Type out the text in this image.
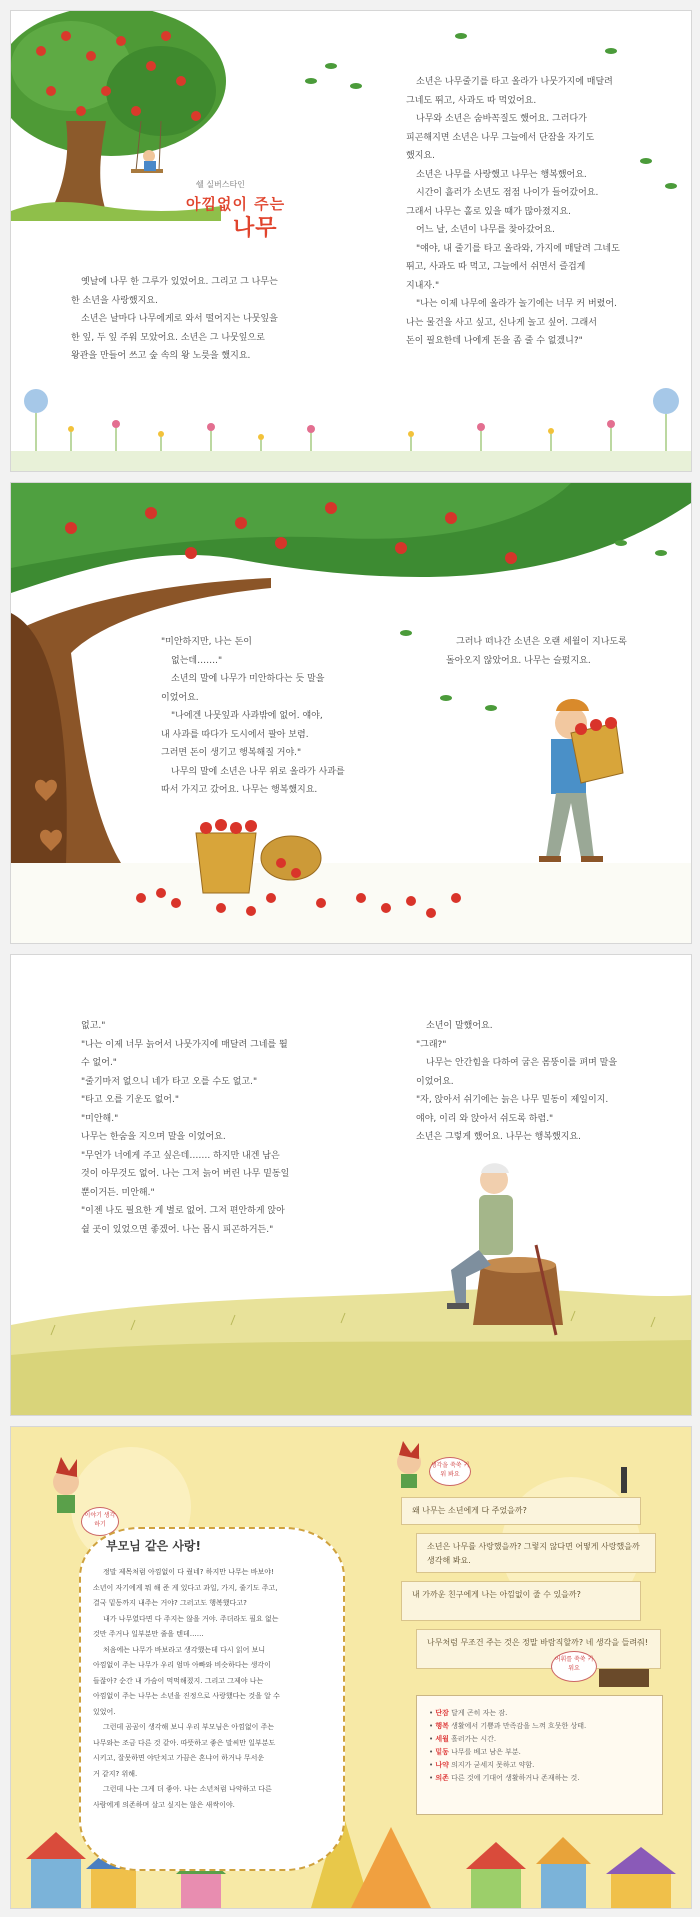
쉘 실버스타인
아낌없이 주는
나무

옛날에 나무 한 그루가 있었어요. 그리고 그 나무는

한 소년을 사랑했지요.

소년은 날마다 나무에게로 와서 떨어지는 나뭇잎을

한 잎, 두 잎 주워 모았어요. 소년은 그 나뭇잎으로

왕관을 만들어 쓰고 숲 속의 왕 노릇을 했지요.

소년은 나무줄기를 타고 올라가 나뭇가지에 매달려

그네도 뛰고, 사과도 따 먹었어요.

나무와 소년은 숨바꼭질도 했어요. 그러다가

피곤해지면 소년은 나무 그늘에서 단잠을 자기도

했지요.

소년은 나무를 사랑했고 나무는 행복했어요.

시간이 흘러가 소년도 점점 나이가 들어갔어요.

그래서 나무는 홀로 있을 때가 많아졌지요.

어느 날, 소년이 나무를 찾아갔어요.

"얘야, 내 줄기를 타고 올라와, 가지에 매달려 그네도

뛰고, 사과도 따 먹고, 그늘에서 쉬면서 즐겁게

지내자."

"나는 이제 나무에 올라가 놀기에는 너무 커 버렸어.

나는 물건을 사고 싶고, 신나게 놀고 싶어. 그래서

돈이 필요한데 나에게 돈을 좀 줄 수 없겠니?"

"미안하지만, 나는 돈이

없는데……."

소년의 말에 나무가 미안하다는 듯 말을

이었어요.

"나에겐 나뭇잎과 사과밖에 없어. 얘야,

내 사과를 따다가 도시에서 팔아 보렴.

그러면 돈이 생기고 행복해질 거야."

나무의 말에 소년은 나무 위로 올라가 사과를

따서 가지고 갔어요. 나무는 행복했지요.

그러나 떠나간 소년은 오랜 세월이 지나도록

돌아오지 않았어요. 나무는 슬펐지요.

없고."

"나는 이제 너무 늙어서 나뭇가지에 매달려 그네를 뛸

수 없어."

"줄기마저 없으니 네가 타고 오를 수도 없고."

"타고 오를 기운도 없어."

"미안해."

나무는 한숨을 지으며 말을 이었어요.

"무언가 너에게 주고 싶은데……. 하지만 내겐 남은

것이 아무것도 없어. 나는 그저 늙어 버린 나무 밑동일

뿐이거든. 미안해."

"이젠 나도 필요한 게 별로 없어. 그저 편안하게 앉아

쉴 곳이 있었으면 좋겠어. 나는 몹시 피곤하거든."

소년이 말했어요.

"그래?"

나무는 안간힘을 다하여 굽은 몸뚱이를 펴며 말을

이었어요.

"자, 앉아서 쉬기에는 늙은 나무 밑동이 제일이지.

얘야, 이리 와 앉아서 쉬도록 하렴."

소년은 그렇게 했어요. 나무는 행복했지요.

이야기 생각하기
부모님 같은 사랑!

정말 제목처럼 아낌없이 다 줬네? 하지만 나무는 바보야!

소년이 자기에게 뭐 해 준 게 있다고 과일, 가지, 줄기도 주고,

결국 밑동까지 내주는 거야? 그러고도 행복했다고?

내가 나무였다면 다 주지는 않을 거야. 주더라도 필요 없는

것만 주거나 일부분만 줄을 텐데……

처음에는 나무가 바보라고 생각했는데 다시 읽어 보니

아낌없이 주는 나무가 우리 엄마 아빠와 비슷하다는 생각이

들잖아? 순간 내 가슴이 먹먹해졌지. 그리고 그제야 나는

아낌없이 주는 나무는 소년을 진정으로 사랑했다는 것을 알 수

있었어.

그런데 곰곰이 생각해 보니 우리 부모님은 아낌없이 주는

나무와는 조금 다른 것 같아. 따뜻하고 좋은 말씨만 일부분도

시키고, 잘못하면 야단치고 가끔은 혼냐어 하거나 무서운

거 같지? 위해.

그런데 나는 그게 더 좋아. 나는 소년처럼 나약하고 다른

사람에게 의존하며 살고 싶지는 않은 새싹이야.

생각을 쑥쑥 키워 봐요
왜 나무는 소년에게 다 주었을까?
소년은 나무를 사랑했을까? 그렇지 않다면 어떻게 사랑했을까 생각해 봐요.
내 가까운 친구에게 나는 아낌없이 줄 수 있을까?
나무처럼 무조건 주는 것은 정말 바람직할까? 네 생각을 들려줘!
어휘를 쑥쑥 키워요
• 단잠 달게 곤히 자는 잠.
• 행복 생활에서 기쁨과 만족감을 느껴 흐뭇한 상태.
• 세월 흘러가는 시간.
• 밑동 나무를 베고 남은 부분.
• 나약 의지가 굳세지 못하고 약함.
• 의존 다른 것에 기대어 생활하거나 존재하는 것.
